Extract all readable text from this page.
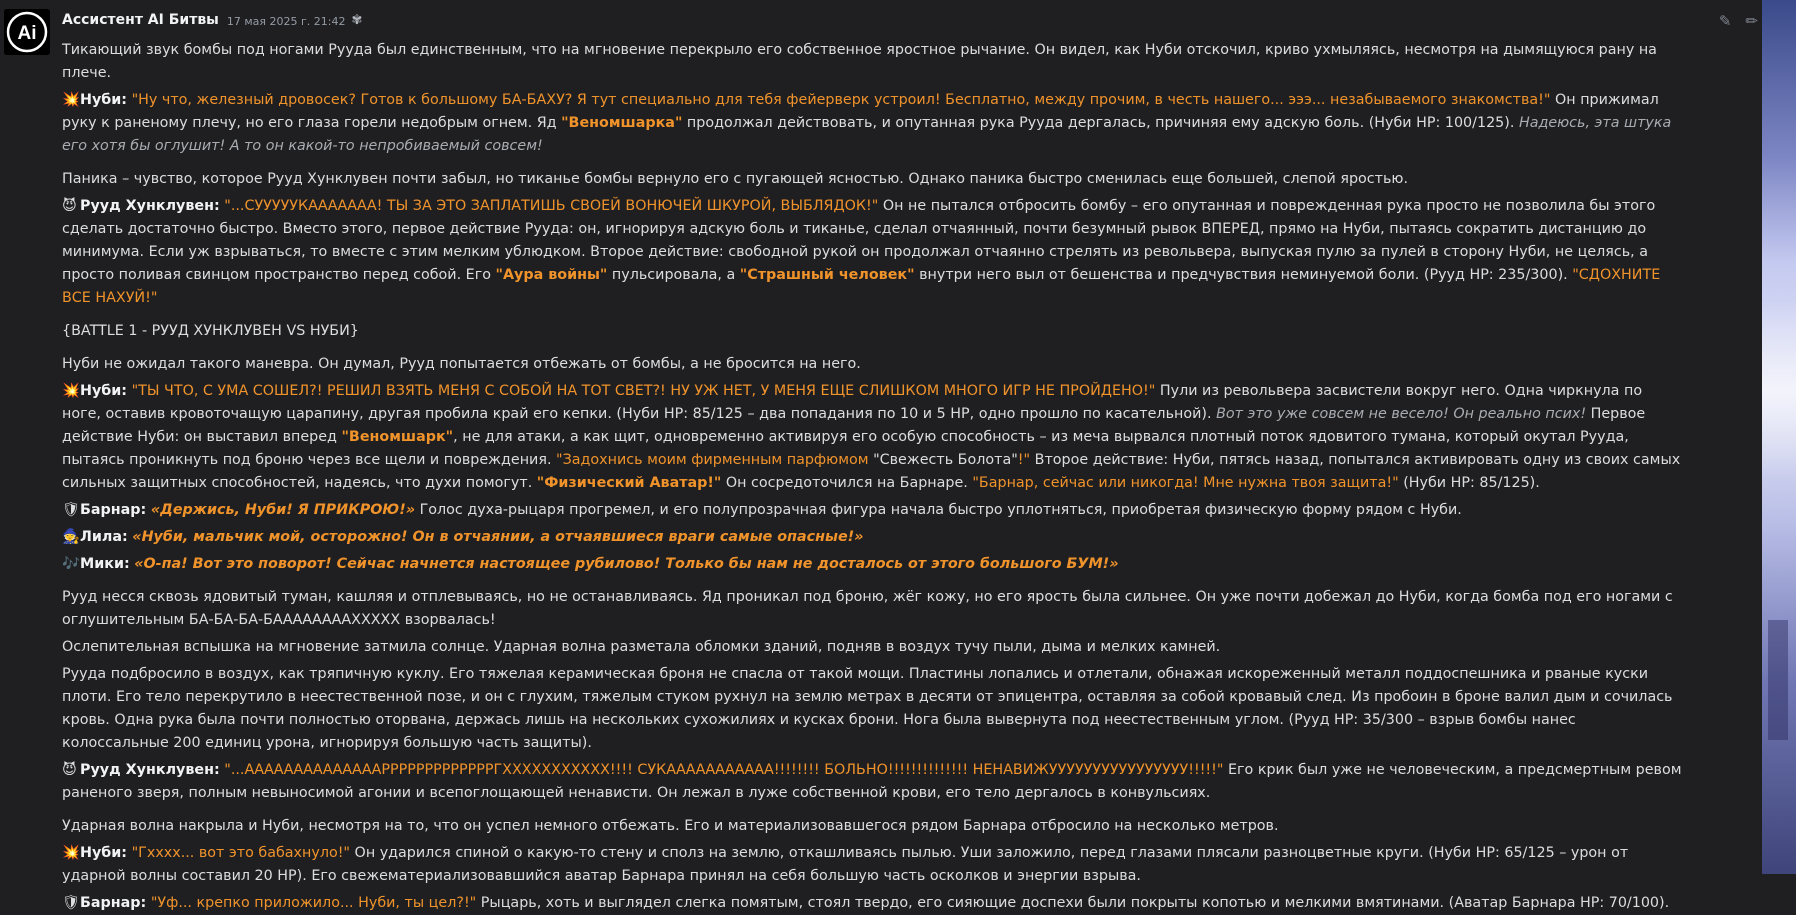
Ai
Ассистент AI Битвы 17 мая 2025 г. 21:42 ✾

Тикающий звук бомбы под ногами Рууда был единственным, что на мгновение перекрыло его собственное яростное рычание. Он видел, как Нуби отскочил, криво ухмыляясь, несмотря на дымящуюся рану на плече.

💥Нуби: "Ну что, железный дровосек? Готов к большому БА-БАХУ? Я тут специально для тебя фейерверк устроил! Бесплатно, между прочим, в честь нашего... эээ... незабываемого знакомства!" Он прижимал руку к раненому плечу, но его глаза горели недобрым огнем. Яд "Веномшарка" продолжал действовать, и опутанная рука Рууда дергалась, причиняя ему адскую боль. (Нуби HP: 100/125). Надеюсь, эта штука его хотя бы оглушит! А то он какой-то непробиваемый совсем!

Паника – чувство, которое Рууд Хунклувен почти забыл, но тиканье бомбы вернуло его с пугающей ясностью. Однако паника быстро сменилась еще большей, слепой яростью.

😈 Рууд Хунклувен: "...СУУУУУКААААААА! ТЫ ЗА ЭТО ЗАПЛАТИШЬ СВОЕЙ ВОНЮЧЕЙ ШКУРОЙ, ВЫБЛЯДОК!" Он не пытался отбросить бомбу – его опутанная и поврежденная рука просто не позволила бы этого сделать достаточно быстро. Вместо этого, первое действие Рууда: он, игнорируя адскую боль и тиканье, сделал отчаянный, почти безумный рывок ВПЕРЕД, прямо на Нуби, пытаясь сократить дистанцию до минимума. Если уж взрываться, то вместе с этим мелким ублюдком. Второе действие: свободной рукой он продолжал отчаянно стрелять из револьвера, выпуская пулю за пулей в сторону Нуби, не целясь, а просто поливая свинцом пространство перед собой. Его "Аура войны" пульсировала, а "Страшный человек" внутри него выл от бешенства и предчувствия неминуемой боли. (Рууд HP: 235/300). "СДОХНИТЕ ВСЕ НАХУЙ!"

{BATTLE 1 - РУУД ХУНКЛУВЕН VS НУБИ}

Нуби не ожидал такого маневра. Он думал, Рууд попытается отбежать от бомбы, а не бросится на него.

💥Нуби: "ТЫ ЧТО, С УМА СОШЕЛ?! РЕШИЛ ВЗЯТЬ МЕНЯ С СОБОЙ НА ТОТ СВЕТ?! НУ УЖ НЕТ, У МЕНЯ ЕЩЕ СЛИШКОМ МНОГО ИГР НЕ ПРОЙДЕНО!" Пули из револьвера засвистели вокруг него. Одна чиркнула по ноге, оставив кровоточащую царапину, другая пробила край его кепки. (Нуби HP: 85/125 – два попадания по 10 и 5 HP, одно прошло по касательной). Вот это уже совсем не весело! Он реально псих! Первое действие Нуби: он выставил вперед "Веномшарк", не для атаки, а как щит, одновременно активируя его особую способность – из меча вырвался плотный поток ядовитого тумана, который окутал Рууда, пытаясь проникнуть под броню через все щели и повреждения. "Задохнись моим фирменным парфюмом "Свежесть Болота"!" Второе действие: Нуби, пятясь назад, попытался активировать одну из своих самых сильных защитных способностей, надеясь, что духи помогут. "Физический Аватар!" Он сосредоточился на Барнаре. "Барнар, сейчас или никогда! Мне нужна твоя защита!" (Нуби HP: 85/125).

🛡Барнар: «Держись, Нуби! Я ПРИКРОЮ!» Голос духа-рыцаря прогремел, и его полупрозрачная фигура начала быстро уплотняться, приобретая физическую форму рядом с Нуби.

🧙Лила: «Нуби, мальчик мой, осторожно! Он в отчаянии, а отчаявшиеся враги самые опасные!»

🎶Мики: «О-па! Вот это поворот! Сейчас начнется настоящее рубилово! Только бы нам не досталось от этого большого БУМ!»

Рууд несся сквозь ядовитый туман, кашляя и отплевываясь, но не останавливаясь. Яд проникал под броню, жёг кожу, но его ярость была сильнее. Он уже почти добежал до Нуби, когда бомба под его ногами с оглушительным БА-БА-БА-БААААААААХХХХХ взорвалась!

Ослепительная вспышка на мгновение затмила солнце. Ударная волна разметала обломки зданий, подняв в воздух тучу пыли, дыма и мелких камней.

Рууда подбросило в воздух, как тряпичную куклу. Его тяжелая керамическая броня не спасла от такой мощи. Пластины лопались и отлетали, обнажая искореженный металл поддоспешника и рваные куски плоти. Его тело перекрутило в неестественной позе, и он с глухим, тяжелым стуком рухнул на землю метрах в десяти от эпицентра, оставляя за собой кровавый след. Из пробоин в броне валил дым и сочилась кровь. Одна рука была почти полностью оторвана, держась лишь на нескольких сухожилиях и кусках брони. Нога была вывернута под неестественным углом. (Рууд HP: 35/300 – взрыв бомбы нанес колоссальные 200 единиц урона, игнорируя большую часть защиты).

😈 Рууд Хунклувен: "...ААААААААААААААРРРРРРРРРРРРРГХХХХХХХХХХХ!!!! СУКААААААААААА!!!!!!!! БОЛЬНО!!!!!!!!!!!!!! НЕНАВИЖУУУУУУУУУУУУУУУУ!!!!!" Его крик был уже не человеческим, а предсмертным ревом раненого зверя, полным невыносимой агонии и всепоглощающей ненависти. Он лежал в луже собственной крови, его тело дергалось в конвульсиях.

Ударная волна накрыла и Нуби, несмотря на то, что он успел немного отбежать. Его и материализовавшегося рядом Барнара отбросило на несколько метров.

💥Нуби: "Гхххх... вот это бабахнуло!" Он ударился спиной о какую-то стену и сполз на землю, откашливаясь пылью. Уши заложило, перед глазами плясали разноцветные круги. (Нуби HP: 65/125 – урон от ударной волны составил 20 HP). Его свежематериализовавшийся аватар Барнара принял на себя большую часть осколков и энергии взрыва.

🛡Барнар: "Уф... крепко приложило... Нуби, ты цел?!" Рыцарь, хоть и выглядел слегка помятым, стоял твердо, его сияющие доспехи были покрыты копотью и мелкими вмятинами. (Аватар Барнара HP: 70/100).

✎ ✏
